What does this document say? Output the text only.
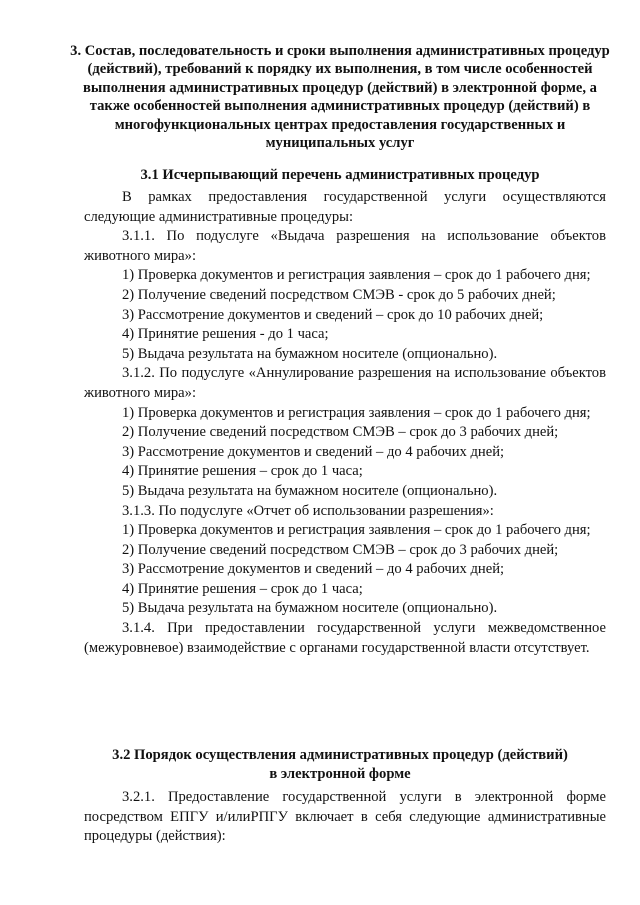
3. Состав, последовательность и сроки выполнения административных процедур (действий), требований к порядку их выполнения, в том числе особенностей выполнения административных процедур (действий) в электронной форме, а также особенностей выполнения административных процедур (действий) в многофункциональных центрах предоставления государственных и муниципальных услуг
3.1 Исчерпывающий перечень административных процедур

В рамках предоставления государственной услуги осуществляются следующие административные процедуры:

3.1.1. По подуслуге «Выдача разрешения на использование объектов животного мира»:

1) Проверка документов и регистрация заявления – срок до 1 рабочего дня;

2) Получение сведений посредством СМЭВ - срок до 5 рабочих дней;

3) Рассмотрение документов и сведений – срок до 10 рабочих дней;

4) Принятие решения - до 1 часа;

5) Выдача результата на бумажном носителе (опционально).

3.1.2. По подуслуге «Аннулирование разрешения на использование объектов животного мира»:

1) Проверка документов и регистрация заявления – срок до 1 рабочего дня;

2) Получение сведений посредством СМЭВ – срок до 3 рабочих дней;

3) Рассмотрение документов и сведений – до 4 рабочих дней;

4) Принятие решения – срок до 1 часа;

5) Выдача результата на бумажном носителе (опционально).

3.1.3. По подуслуге «Отчет об использовании разрешения»:

1) Проверка документов и регистрация заявления – срок до 1 рабочего дня;

2) Получение сведений посредством СМЭВ – срок до 3 рабочих дней;

3) Рассмотрение документов и сведений – до 4 рабочих дней;

4) Принятие решения – срок до 1 часа;

5) Выдача результата на бумажном носителе (опционально).

3.1.4. При предоставлении государственной услуги межведомственное (межуровневое) взаимодействие с органами государственной власти отсутствует.

3.2 Порядок осуществления административных процедур (действий)
в электронной форме

3.2.1. Предоставление государственной услуги в электронной форме посредством ЕПГУ и/илиРПГУ включает в себя следующие административные процедуры (действия):
